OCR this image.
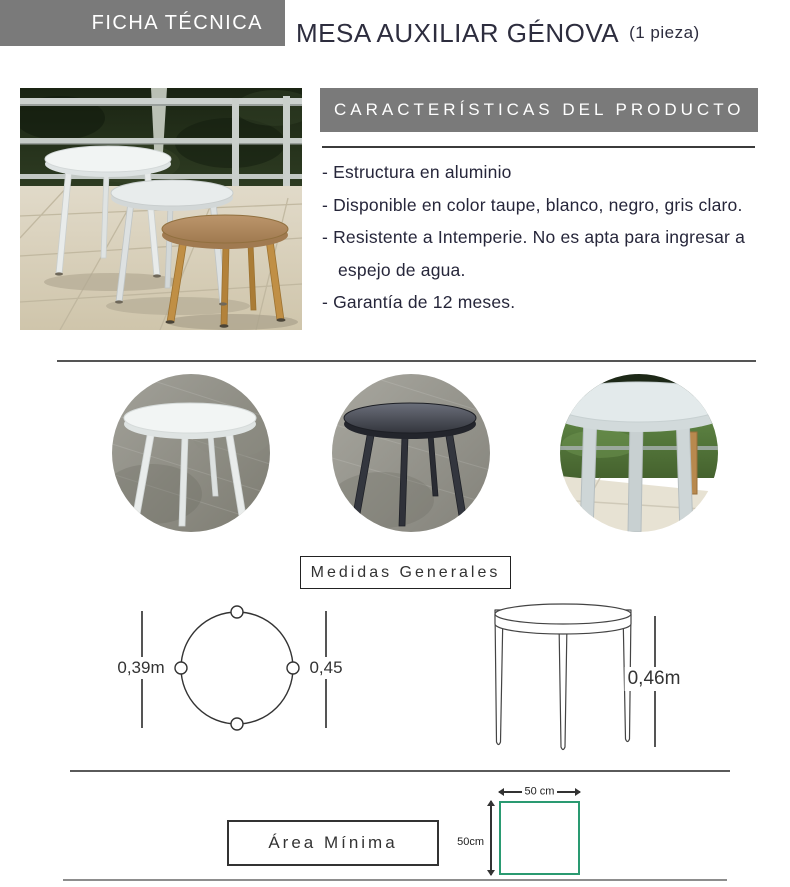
FICHA TÉCNICA MESA AUXILIAR GÉNOVA (1 pieza)
CARACTERÍSTICAS DEL PRODUCTO
- Estructura en aluminio
- Disponible en color taupe, blanco, negro, gris claro.
- Resistente a Intemperie. No es apta para ingresar a espejo de agua.
- Garantía de 12 meses.
Medidas Generales
0,39m	0,45
0,46m
Área Mínima
50 cm
50cm
